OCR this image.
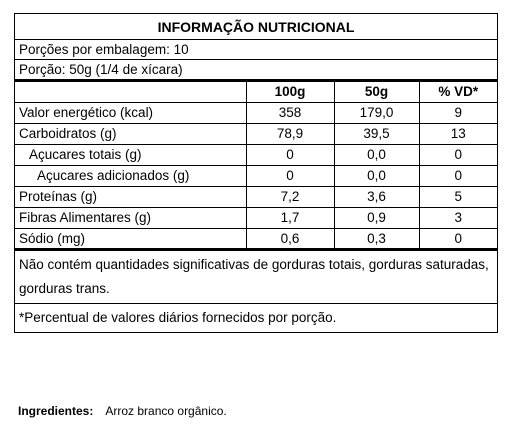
INFORMAÇÃO NUTRICIONAL
Porções por embalagem: 10
Porção: 50g (1/4 de xícara)
	100g	50g	% VD*
Valor energético (kcal)	358	179,0	9
Carboidratos (g)	78,9	39,5	13
Açucares totais (g)	0	0,0	0
Açucares adicionados (g)	0	0,0	0
Proteínas (g)	7,2	3,6	5
Fibras Alimentares (g)	1,7	0,9	3
Sódio (mg)	0,6	0,3	0
Não contém quantidades significativas de gorduras totais, gorduras saturadas, gorduras trans.
*Percentual de valores diários fornecidos por porção.
Ingredientes: Arroz branco orgânico.
